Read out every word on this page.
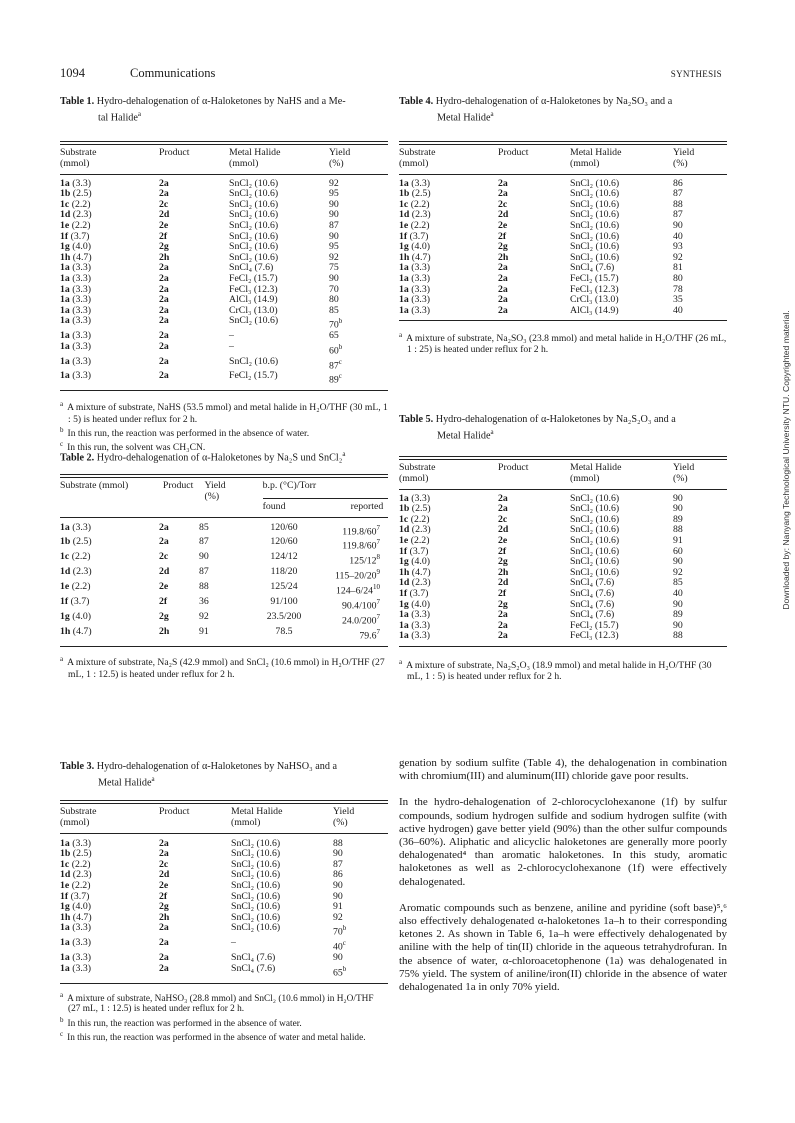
1094	Communications	SYNTHESIS
Downloaded by: Nanyang Technological University NTU. Copyrighted material.
Table 1. Hydro-dehalogenation of α-Haloketones by NaHS and a Me-
tal Halide$^a$
Substrate
(mmol)	Product	Metal Halide
(mmol)	Yield
(%)
1a (3.3)	2a	SnCl₂ (10.6)	92
1b (2.5)	2a	SnCl₂ (10.6)	95
1c (2.2)	2c	SnCl₂ (10.6)	90
1d (2.3)	2d	SnCl₂ (10.6)	90
1e (2.2)	2e	SnCl₂ (10.6)	87
1f (3.7)	2f	SnCl₂ (10.6)	90
1g (4.0)	2g	SnCl₂ (10.6)	95
1h (4.7)	2h	SnCl₂ (10.6)	92
1a (3.3)	2a	SnCl₄ (7.6)	75
1a (3.3)	2a	FeCl₂ (15.7)	90
1a (3.3)	2a	FeCl₃ (12.3)	70
1a (3.3)	2a	AlCl₃ (14.9)	80
1a (3.3)	2a	CrCl₃ (13.0)	85
1a (3.3)	2a	SnCl₂ (10.6)	70$^b$
1a (3.3)	2a	–	65
1a (3.3)	2a	–	60$^b$
1a (3.3)	2a	SnCl₂ (10.6)	87$^c$
1a (3.3)	2a	FeCl₂ (15.7)	89$^c$
$^a$ A mixture of substrate, NaHS (53.5 mmol) and metal halide in H₂O/THF (30 mL, 1 : 5) is heated under reflux for 2 h.
$^b$ In this run, the reaction was performed in the absence of water.
$^c$ In this run, the solvent was CH₃CN.
Table 2. Hydro-dehalogenation of α-Haloketones by Na₂S und SnCl₂$^a$
Substrate (mmol)	Product	Yield
(%)	b.p. (°C)/Torr
found	reported
1a (3.3)	2a	85	120/60	$119.8/60^7$
1b (2.5)	2a	87	120/60	$119.8/60^7$
1c (2.2)	2c	90	124/12	$125/12^8$
1d (2.3)	2d	87	118/20	$115-20/20^9$
1e (2.2)	2e	88	125/24	$124-6/24^{10}$
1f (3.7)	2f	36	91/100	$90.4/100^7$
1g (4.0)	2g	92	23.5/200	$24.0/200^7$
1h (4.7)	2h	91	78.5	79.6$^7$
$^a$ A mixture of substrate, Na₂S (42.9 mmol) and SnCl₂ (10.6 mmol) in H₂O/THF (27 mL, 1 : 12.5) is heated under reflux for 2 h.
Table 3. Hydro-dehalogenation of α-Haloketones by NaHSO₃ and a
Metal Halide$^a$
Substrate
(mmol)	Product	Metal Halide
(mmol)	Yield
(%)
1a (3.3)	2a	SnCl₂ (10.6)	88
1b (2.5)	2a	SnCl₂ (10.6)	90
1c (2.2)	2c	SnCl₂ (10.6)	87
1d (2.3)	2d	SnCl₂ (10.6)	86
1e (2.2)	2e	SnCl₂ (10.6)	90
1f (3.7)	2f	SnCl₂ (10.6)	90
1g (4.0)	2g	SnCl₂ (10.6)	91
1h (4.7)	2h	SnCl₂ (10.6)	92
1a (3.3)	2a	SnCl₂ (10.6)	70$^b$
1a (3.3)	2a	–	40$^c$
1a (3.3)	2a	SnCl₄ (7.6)	90
1a (3.3)	2a	SnCl₄ (7.6)	65$^b$
$^a$ A mixture of substrate, NaHSO₃ (28.8 mmol) and SnCl₂ (10.6 mmol) in H₂O/THF (27 mL, 1 : 12.5) is heated under reflux for 2 h.
$^b$ In this run, the reaction was performed in the absence of water.
$^c$ In this run, the reaction was performed in the absence of water and metal halide.
Table 4. Hydro-dehalogenation of α-Haloketones by Na₂SO₃ and a
Metal Halide$^a$
Substrate
(mmol)	Product	Metal Halide
(mmol)	Yield
(%)
1a (3.3)	2a	SnCl₂ (10.6)	86
1b (2.5)	2a	SnCl₂ (10.6)	87
1c (2.2)	2c	SnCl₂ (10.6)	88
1d (2.3)	2d	SnCl₂ (10.6)	87
1e (2.2)	2e	SnCl₂ (10.6)	90
1f (3.7)	2f	SnCl₂ (10.6)	40
1g (4.0)	2g	SnCl₂ (10.6)	93
1h (4.7)	2h	SnCl₂ (10.6)	92
1a (3.3)	2a	SnCl₄ (7.6)	81
1a (3.3)	2a	FeCl₂ (15.7)	80
1a (3.3)	2a	FeCl₃ (12.3)	78
1a (3.3)	2a	CrCl₃ (13.0)	35
1a (3.3)	2a	AlCl₃ (14.9)	40
$^a$ A mixture of substrate, Na₂SO₃ (23.8 mmol) and metal halide in H₂O/THF (26 mL, 1 : 25) is heated under reflux for 2 h.
Table 5. Hydro-dehalogenation of α-Haloketones by Na₂S₂O₃ and a
Metal Halide$^a$
Substrate
(mmol)	Product	Metal Halide
(mmol)	Yield
(%)
1a (3.3)	2a	SnCl₂ (10.6)	90
1b (2.5)	2a	SnCl₂ (10.6)	90
1c (2.2)	2c	SnCl₂ (10.6)	89
1d (2.3)	2d	SnCl₂ (10.6)	88
1e (2.2)	2e	SnCl₂ (10.6)	91
1f (3.7)	2f	SnCl₂ (10.6)	60
1g (4.0)	2g	SnCl₂ (10.6)	90
1h (4.7)	2h	SnCl₂ (10.6)	92
1d (2.3)	2d	SnCl₄ (7.6)	85
1f (3.7)	2f	SnCl₄ (7.6)	40
1g (4.0)	2g	SnCl₄ (7.6)	90
1a (3.3)	2a	SnCl₄ (7.6)	89
1a (3.3)	2a	FeCl₂ (15.7)	90
1a (3.3)	2a	FeCl₃ (12.3)	88
$^a$ A mixture of substrate, Na₂S₂O₃ (18.9 mmol) and metal halide in H₂O/THF (30 mL, 1 : 5) is heated under reflux for 2 h.

genation by sodium sulfite (Table 4), the dehalogenation in combination with chromium(III) and aluminum(III) chloride gave poor results.

In the hydro-dehalogenation of 2-chlorocyclohexanone (1f) by sulfur compounds, sodium hydrogen sulfide and sodium hydrogen sulfite (with active hydrogen) gave better yield (90%) than the other sulfur compounds (36–60%). Aliphatic and alicyclic haloketones are generally more poorly dehalogenated⁴ than aromatic haloketones. In this study, aromatic haloketones as well as 2-chlorocyclohexanone (1f) were effectively dehalogenated.

Aromatic compounds such as benzene, aniline and pyridine (soft base)⁵,⁶ also effectively dehalogenated α-haloketones 1a–h to their corresponding ketones 2. As shown in Table 6, 1a–h were effectively dehalogenated by aniline with the help of tin(II) chloride in the aqueous tetrahydrofuran. In the absence of water, α-chloroacetophenone (1a) was dehalogenated in 75% yield. The system of aniline/iron(II) chloride in the absence of water dehalogenated 1a in only 70% yield.
